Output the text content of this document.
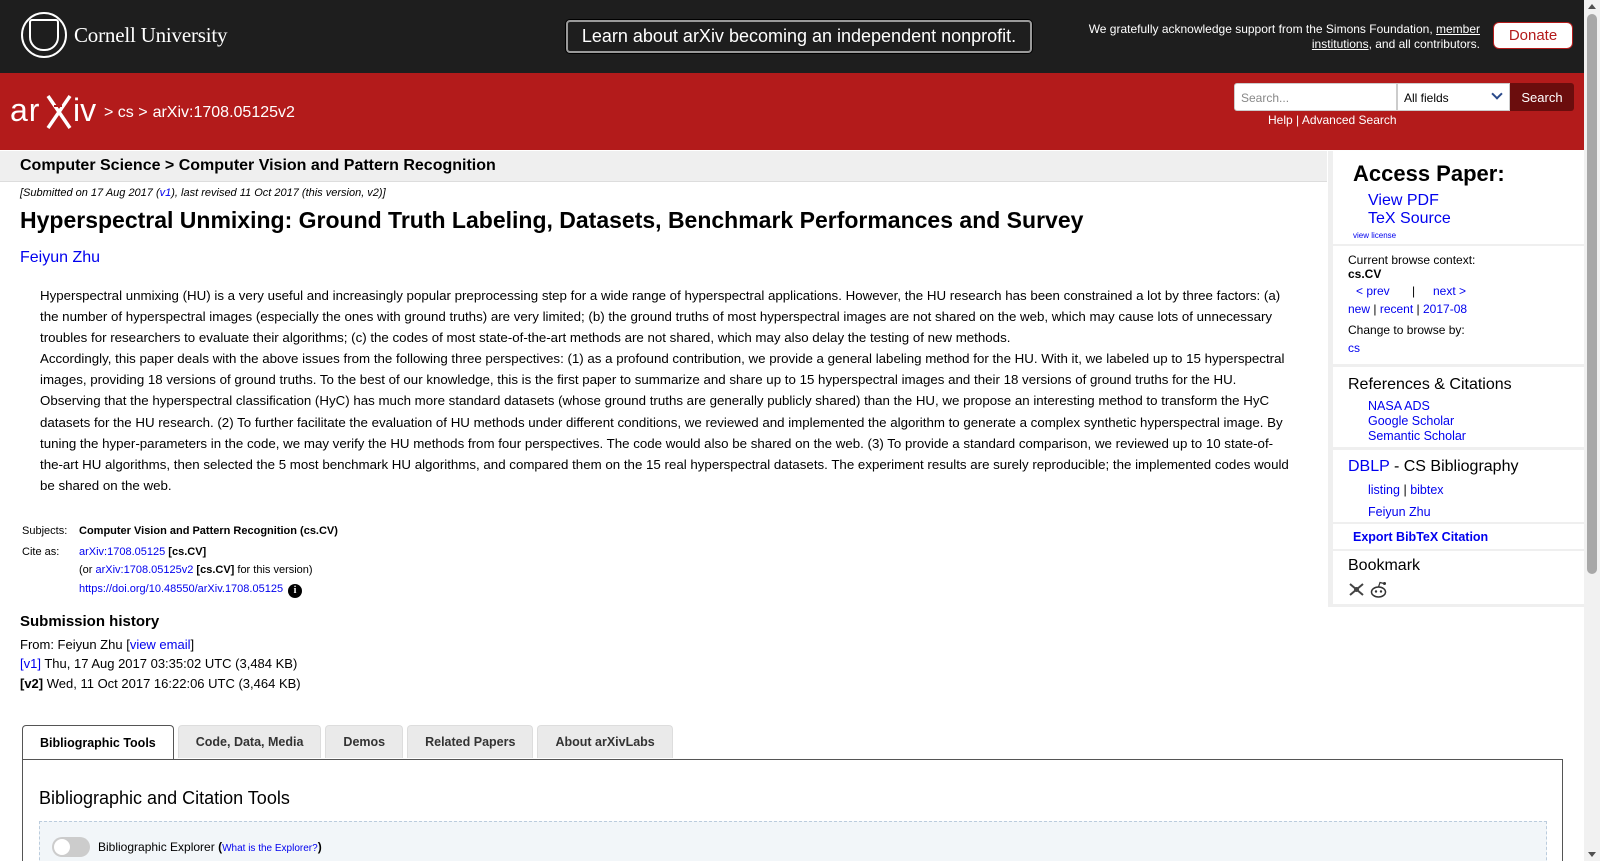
Cornell University	Learn about arXiv becoming an independent nonprofit.	We gratefully acknowledge support from the Simons Foundation, member
institutions, and all contributors.	Donate
ar iv > cs > arXiv:1708.05125v2
Search...	All fields	Search
Help | Advanced Search
Computer Science > Computer Vision and Pattern Recognition
[Submitted on 17 Aug 2017 (v1), last revised 11 Oct 2017 (this version, v2)]
Hyperspectral Unmixing: Ground Truth Labeling, Datasets, Benchmark Performances and Survey
Feiyun Zhu
Hyperspectral unmixing (HU) is a very useful and increasingly popular preprocessing step for a wide range of hyperspectral applications. However, the HU research has been constrained a lot by three factors: (a) the number of hyperspectral images (especially the ones with ground truths) are very limited; (b) the ground truths of most hyperspectral images are not shared on the web, which may cause lots of unnecessary troubles for researchers to evaluate their algorithms; (c) the codes of most state-of-the-art methods are not shared, which may also delay the testing of new methods.
Accordingly, this paper deals with the above issues from the following three perspectives: (1) as a profound contribution, we provide a general labeling method for the HU. With it, we labeled up to 15 hyperspectral images, providing 18 versions of ground truths. To the best of our knowledge, this is the first paper to summarize and share up to 15 hyperspectral images and their 18 versions of ground truths for the HU. Observing that the hyperspectral classification (HyC) has much more standard datasets (whose ground truths are generally publicly shared) than the HU, we propose an interesting method to transform the HyC datasets for the HU research. (2) To further facilitate the evaluation of HU methods under different conditions, we reviewed and implemented the algorithm to generate a complex synthetic hyperspectral image. By tuning the hyper-parameters in the code, we may verify the HU methods from four perspectives. The code would also be shared on the web. (3) To provide a standard comparison, we reviewed up to 10 state-of-the-art HU algorithms, then selected the 5 most benchmark HU algorithms, and compared them on the 15 real hyperspectral datasets. The experiment results are surely reproducible; the implemented codes would be shared on the web.
Subjects:	Computer Vision and Pattern Recognition (cs.CV)
Cite as:	arXiv:1708.05125 [cs.CV]
(or arXiv:1708.05125v2 [cs.CV] for this version)
https://doi.org/10.48550/arXiv.1708.05125 i
Submission history
From: Feiyun Zhu [view email]
[v1] Thu, 17 Aug 2017 03:35:02 UTC (3,484 KB)
[v2] Wed, 11 Oct 2017 16:22:06 UTC (3,464 KB)
Bibliographic Tools	Code, Data, Media	Demos	Related Papers	About arXivLabs
Bibliographic and Citation Tools
Bibliographic Explorer (What is the Explorer?)
Access Paper:
View PDF
TeX Source
view license
Current browse context:
cs.CV
< prev | next >
new | recent | 2017-08
Change to browse by:
cs
References & Citations
NASA ADS
Google Scholar
Semantic Scholar
DBLP - CS Bibliography
listing | bibtex
Feiyun Zhu
Export BibTeX Citation
Bookmark
